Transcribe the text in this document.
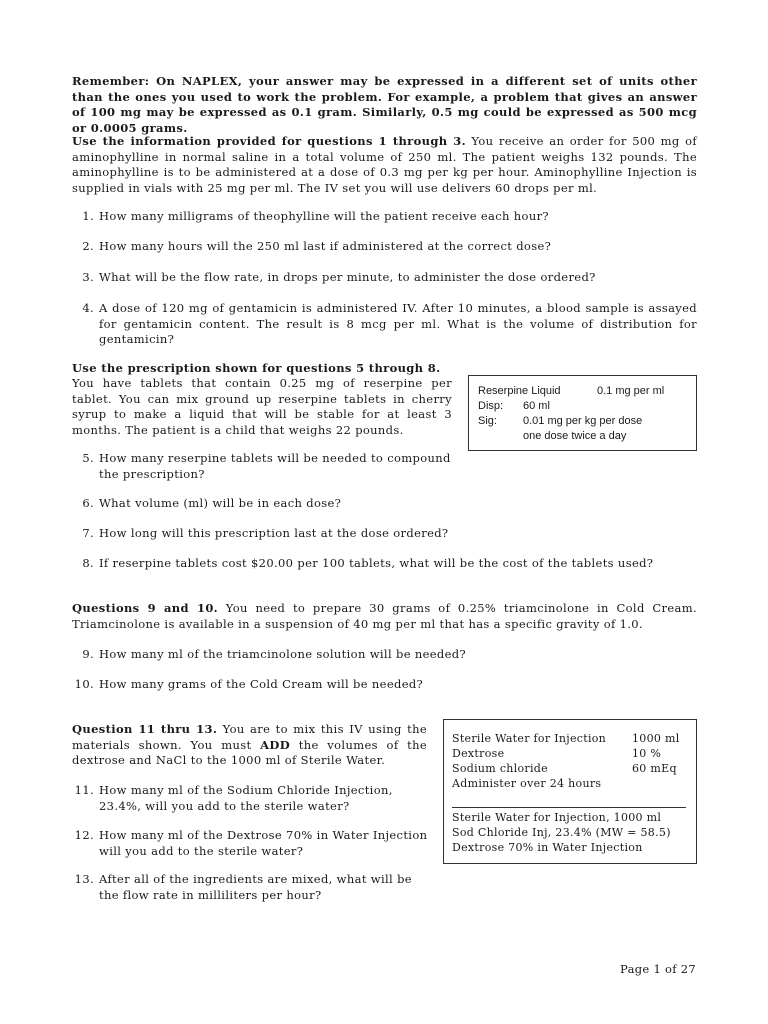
Remember: On NAPLEX, your answer may be expressed in a different set of units other than the ones you used to work the problem. For example, a problem that gives an answer of 100 mg may be expressed as 0.1 gram. Similarly, 0.5 mg could be expressed as 500 mcg or 0.0005 grams.

Use the information provided for questions 1 through 3. You receive an order for 500 mg of aminophylline in normal saline in a total volume of 250 ml. The patient weighs 132 pounds. The aminophylline is to be administered at a dose of 0.3 mg per kg per hour. Aminophylline Injection is supplied in vials with 25 mg per ml. The IV set you will use delivers 60 drops per ml.

1. How many milligrams of theophylline will the patient receive each hour?
2. How many hours will the 250 ml last if administered at the correct dose?
3. What will be the flow rate, in drops per minute, to administer the dose ordered?
4. A dose of 120 mg of gentamicin is administered IV. After 10 minutes, a blood sample is assayed for gentamicin content. The result is 8 mcg per ml. What is the volume of distribution for gentamicin?

Use the prescription shown for questions 5 through 8.

You have tablets that contain 0.25 mg of reserpine per tablet. You can mix ground up reserpine tablets in cherry syrup to make a liquid that will be stable for at least 3 months. The patient is a child that weighs 22 pounds.

Reserpine Liquid	0.1 mg per ml
Disp: 60 ml
Sig: 0.01 mg per kg per dose
one dose twice a day
5. How many reserpine tablets will be needed to compound the prescription?
6. What volume (ml) will be in each dose?
7. How long will this prescription last at the dose ordered?
8. If reserpine tablets cost $20.00 per 100 tablets, what will be the cost of the tablets used?

Questions 9 and 10. You need to prepare 30 grams of 0.25% triamcinolone in Cold Cream. Triamcinolone is available in a suspension of 40 mg per ml that has a specific gravity of 1.0.

9. How many ml of the triamcinolone solution will be needed?
10. How many grams of the Cold Cream will be needed?

Question 11 thru 13. You are to mix this IV using the materials shown. You must ADD the volumes of the dextrose and NaCl to the 1000 ml of Sterile Water.

Sterile Water for Injection 1000 ml
Dextrose	10 %
Sodium chloride	60 mEq
Administer over 24 hours
Sterile Water for Injection, 1000 ml
Sod Chloride Inj, 23.4% (MW = 58.5)
Dextrose 70% in Water Injection
11. How many ml of the Sodium Chloride Injection, 23.4%, will you add to the sterile water?
12. How many ml of the Dextrose 70% in Water Injection will you add to the sterile water?
13. After all of the ingredients are mixed, what will be the flow rate in milliliters per hour?
Page 1 of 27
